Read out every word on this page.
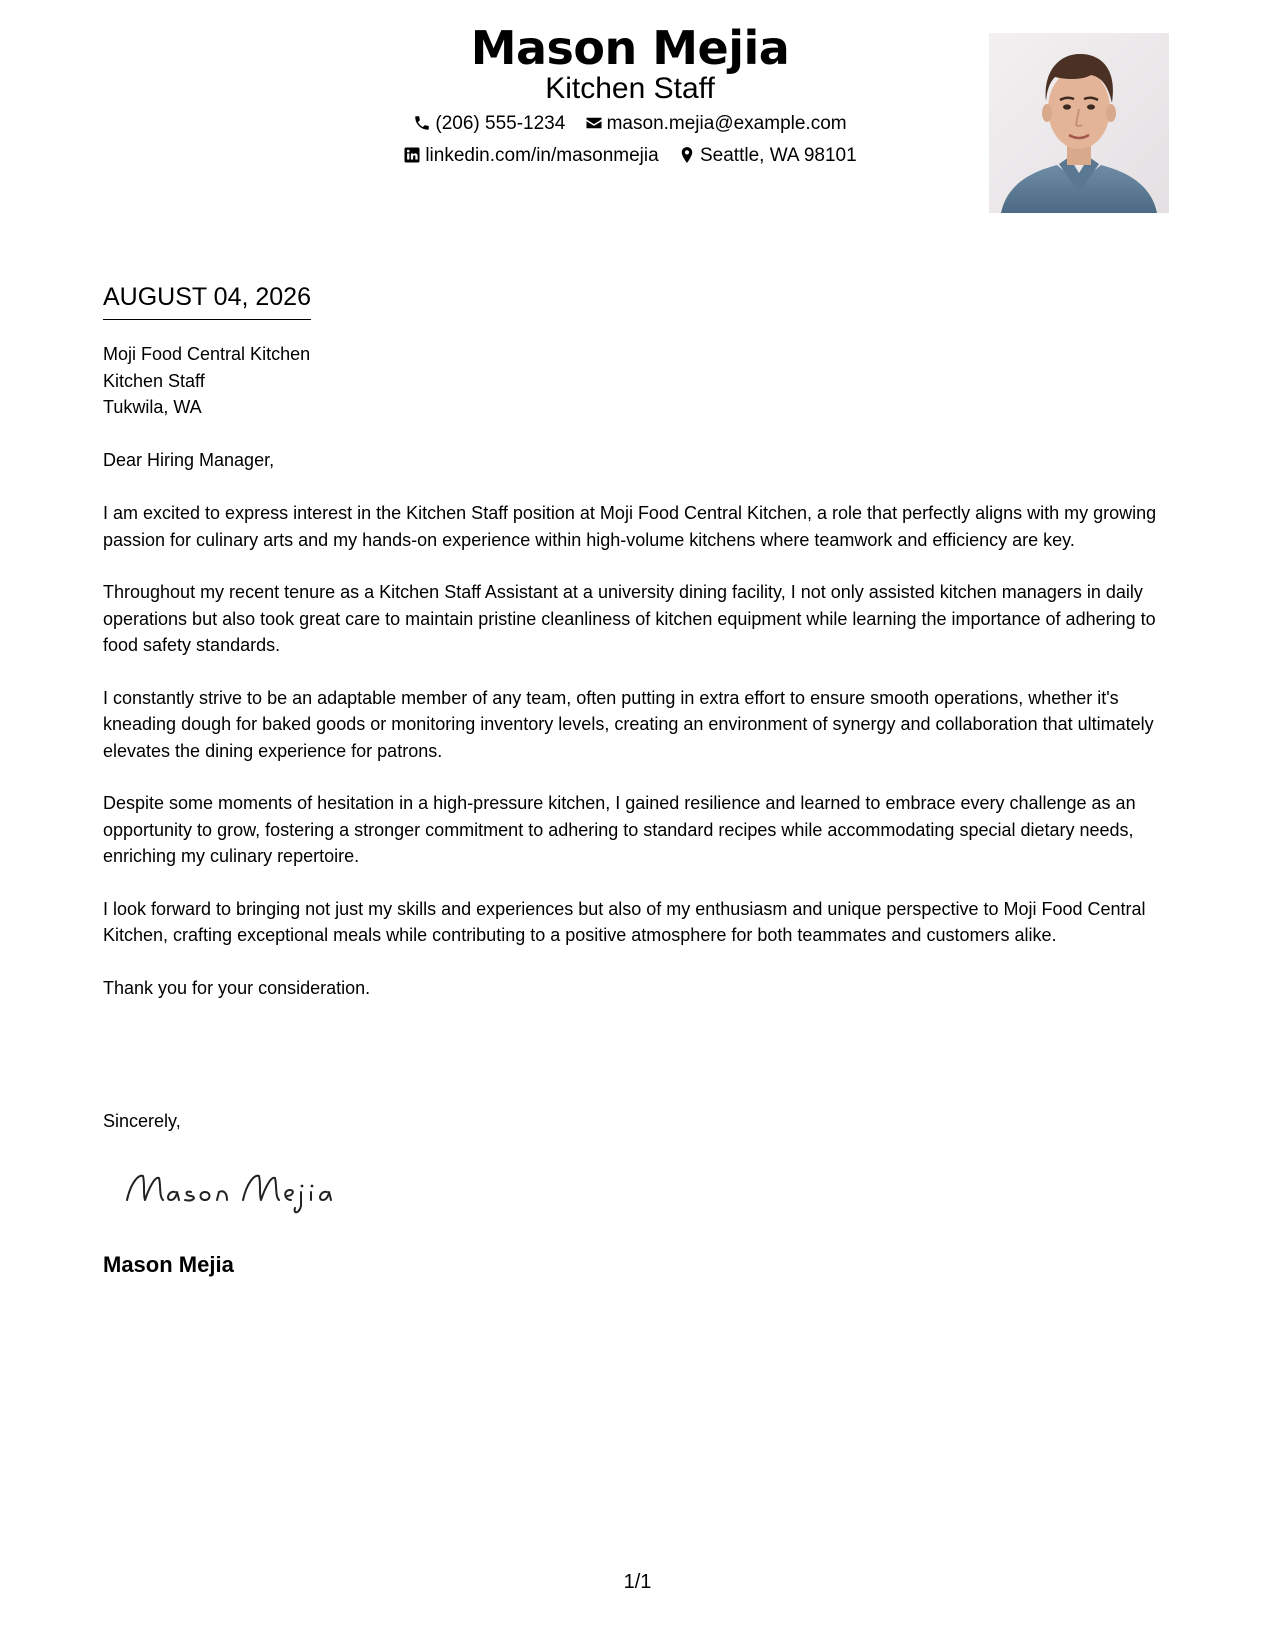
Mason Mejia
Kitchen Staff
(206) 555-1234 mason.mejia@example.com
linkedin.com/in/masonmejia Seattle, WA 98101
AUGUST 04, 2026
Moji Food Central Kitchen
Kitchen Staff
Tukwila, WA
Dear Hiring Manager,

I am excited to express interest in the Kitchen Staff position at Moji Food Central Kitchen, a role that perfectly aligns with my growing passion for culinary arts and my hands-on experience within high-volume kitchens where teamwork and efficiency are key.

Throughout my recent tenure as a Kitchen Staff Assistant at a university dining facility, I not only assisted kitchen managers in daily operations but also took great care to maintain pristine cleanliness of kitchen equipment while learning the importance of adhering to food safety standards.

I constantly strive to be an adaptable member of any team, often putting in extra effort to ensure smooth operations, whether it's kneading dough for baked goods or monitoring inventory levels, creating an environment of synergy and collaboration that ultimately elevates the dining experience for patrons.

Despite some moments of hesitation in a high-pressure kitchen, I gained resilience and learned to embrace every challenge as an opportunity to grow, fostering a stronger commitment to adhering to standard recipes while accommodating special dietary needs, enriching my culinary repertoire.

I look forward to bringing not just my skills and experiences but also of my enthusiasm and unique perspective to Moji Food Central Kitchen, crafting exceptional meals while contributing to a positive atmosphere for both teammates and customers alike.

Thank you for your consideration.

Sincerely,
Mason Mejia
1/1
